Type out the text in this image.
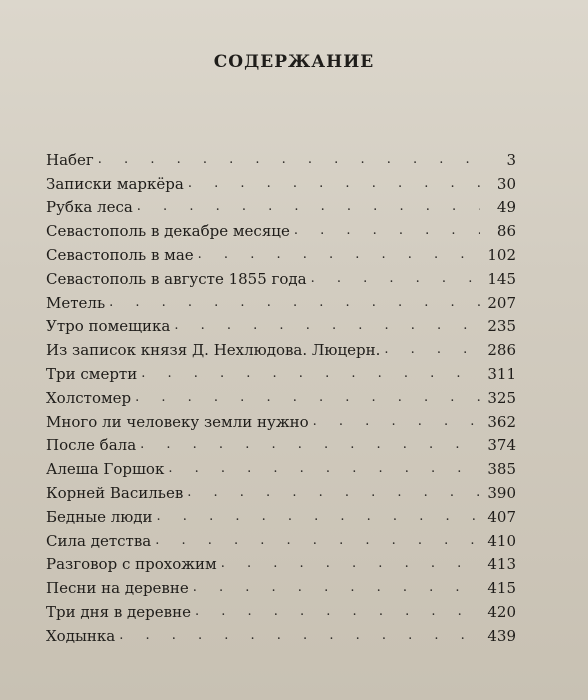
СОДЕРЖАНИЕ
Набег . . .	3
Записки маркёра . . .	30
Рубка леса . . .	49
Севастополь в декабре месяце . . .	86
Севастополь в мае . . .	102
Севастополь в августе 1855 года . . .	145
Метель . . .	207
Утро помещика . . .	235
Из записок князя Д. Нехлюдова. Люцерн. . . .	286
Три смерти . . .	311
Холстомер . . .	325
Много ли человеку земли нужно . . .	362
После бала . . .	374
Алеша Горшок . . .	385
Корней Васильев . . .	390
Бедные люди . . .	407
Сила детства . . .	410
Разговор с прохожим . . .	413
Песни на деревне . . .	415
Три дня в деревне . . .	420
Ходынка . . .	439
